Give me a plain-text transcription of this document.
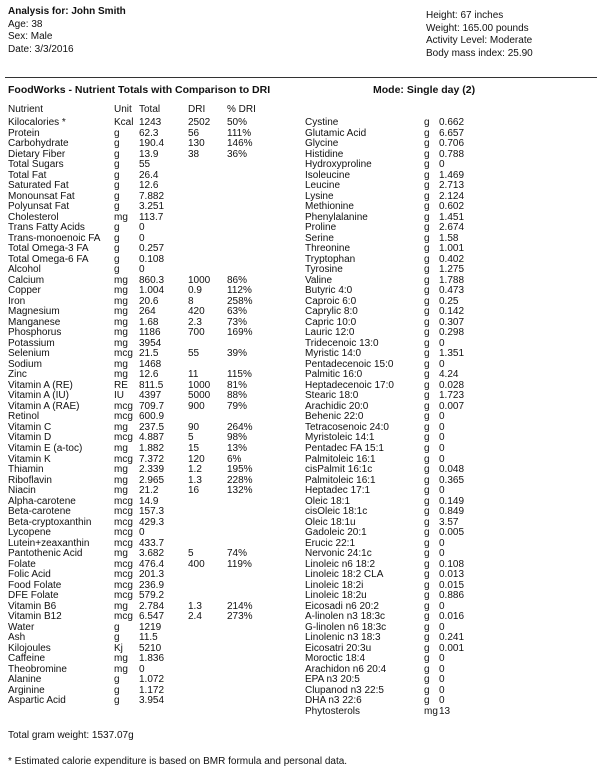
Analysis for: John Smith
Age: 38
Sex: Male
Date: 3/3/2016
Height: 67 inches
Weight: 165.00 pounds
Activity Level: Moderate
Body mass index: 25.90
FoodWorks - Nutrient Totals with Comparison to DRI	Mode: Single day (2)
Nutrient	Unit Total	DRI % DRI
Kilocalories *	Kcal 1243	2502 50%
Protein	g 62.3	56	111%
Carbohydrate	g 190.4 130 146%
Dietary Fiber	g 13.9	38	36%
Total Sugars	g 55
Total Fat	g 26.4
Saturated Fat	g 12.6
Monounsat Fat	g 7.882
Polyunsat Fat	g 3.251
Cholesterol	mg 113.7
Trans Fatty Acids	g 0
Trans-monoenoic FA g 0
Total Omega-3 FA	g 0.257
Total Omega-6 FA	g 0.108
Alcohol	g 0
Calcium	mg 860.3 1000 86%
Copper	mg 1.004 0.9	112%
Iron	mg 20.6	8	258%
Magnesium	mg 264	420 63%
Manganese	mg 1.68	2.3	73%
Phosphorus	mg 1186	700 169%
Potassium	mg 3954
Selenium	mcg 21.5	55	39%
Sodium	mg 1468
Zinc	mg 12.6	11	115%
Vitamin A (RE)	RE 811.5 1000 81%
Vitamin A (IU)	IU 4397	5000 88%
Vitamin A (RAE)	mcg 709.7 900 79%
Retinol	mcg 600.9
Vitamin C	mg 237.5 90	264%
Vitamin D	mcg 4.887 5	98%
Vitamin E (a-toc)	mg 1.882 15	13%
Vitamin K	mcg 7.372 120 6%
Thiamin	mg 2.339 1.2	195%
Riboflavin	mg 2.965 1.3	228%
Niacin	mg 21.2	16	132%
Alpha-carotene	mcg 14.9
Beta-carotene	mcg 157.3
Beta-cryptoxanthin mcg 429.3
Lycopene	mcg 0
Lutein+zeaxanthin mcg 433.7
Pantothenic Acid	mg 3.682 5	74%
Folate	mcg 476.4 400 119%
Folic Acid	mcg 201.3
Food Folate	mcg 236.9
DFE Folate	mcg 579.2
Vitamin B6	mg 2.784 1.3	214%
Vitamin B12	mcg 6.547 2.4	273%
Water	g 1219
Ash	g 11.5
Kilojoules	Kj 5210
Caffeine	mg 1.836
Theobromine	mg 0
Alanine	g 1.072
Arginine	g 1.172
Aspartic Acid	g 3.954
Cystine	g 0.662
Glutamic Acid	g 6.657
Glycine	g 0.706
Histidine	g 0.788
Hydroxyproline	g 0
Isoleucine	g 1.469
Leucine	g 2.713
Lysine	g 2.124
Methionine	g 0.602
Phenylalanine	g 1.451
Proline	g 2.674
Serine	g 1.58
Threonine	g 1.001
Tryptophan	g 0.402
Tyrosine	g 1.275
Valine	g 1.788
Butyric 4:0	g 0.473
Caproic 6:0	g 0.25
Caprylic 8:0	g 0.142
Capric 10:0	g 0.307
Lauric 12:0	g 0.298
Tridecenoic 13:0	g 0
Myristic 14:0	g 1.351
Pentadecenoic 15:0	g 0
Palmitic 16:0	g 4.24
Heptadecenoic 17:0	g 0.028
Stearic 18:0	g 1.723
Arachidic 20:0	g 0.007
Behenic 22:0	g 0
Tetracosenoic 24:0	g 0
Myristoleic 14:1	g 0
Pentadec FA 15:1	g 0
Palmitoleic 16:1	g 0
cisPalmit 16:1c	g 0.048
Palmitoleic 16:1	g 0.365
Heptadec 17:1	g 0
Oleic 18:1	g 0.149
cisOleic 18:1c	g 0.849
Oleic 18:1u	g 3.57
Gadoleic 20:1	g 0.005
Erucic 22:1	g 0
Nervonic 24:1c	g 0
Linoleic n6 18:2	g 0.108
Linoleic 18:2 CLA	g 0.013
Linoleic 18:2i	g 0.015
Linoleic 18:2u	g 0.886
Eicosadi n6 20:2	g 0
A-linolen n3 18:3c	g 0.016
G-linolen n6 18:3c	g 0
Linolenic n3 18:3	g 0.241
Eicosatri 20:3u	g 0.001
Moroctic 18:4	g 0
Arachidon n6 20:4	g 0
EPA n3 20:5	g 0
Clupanod n3 22:5	g 0
DHA n3 22:6	g 0
Phytosterols	mg 13
Total gram weight: 1537.07g
* Estimated calorie expenditure is based on BMR formula and personal data.
